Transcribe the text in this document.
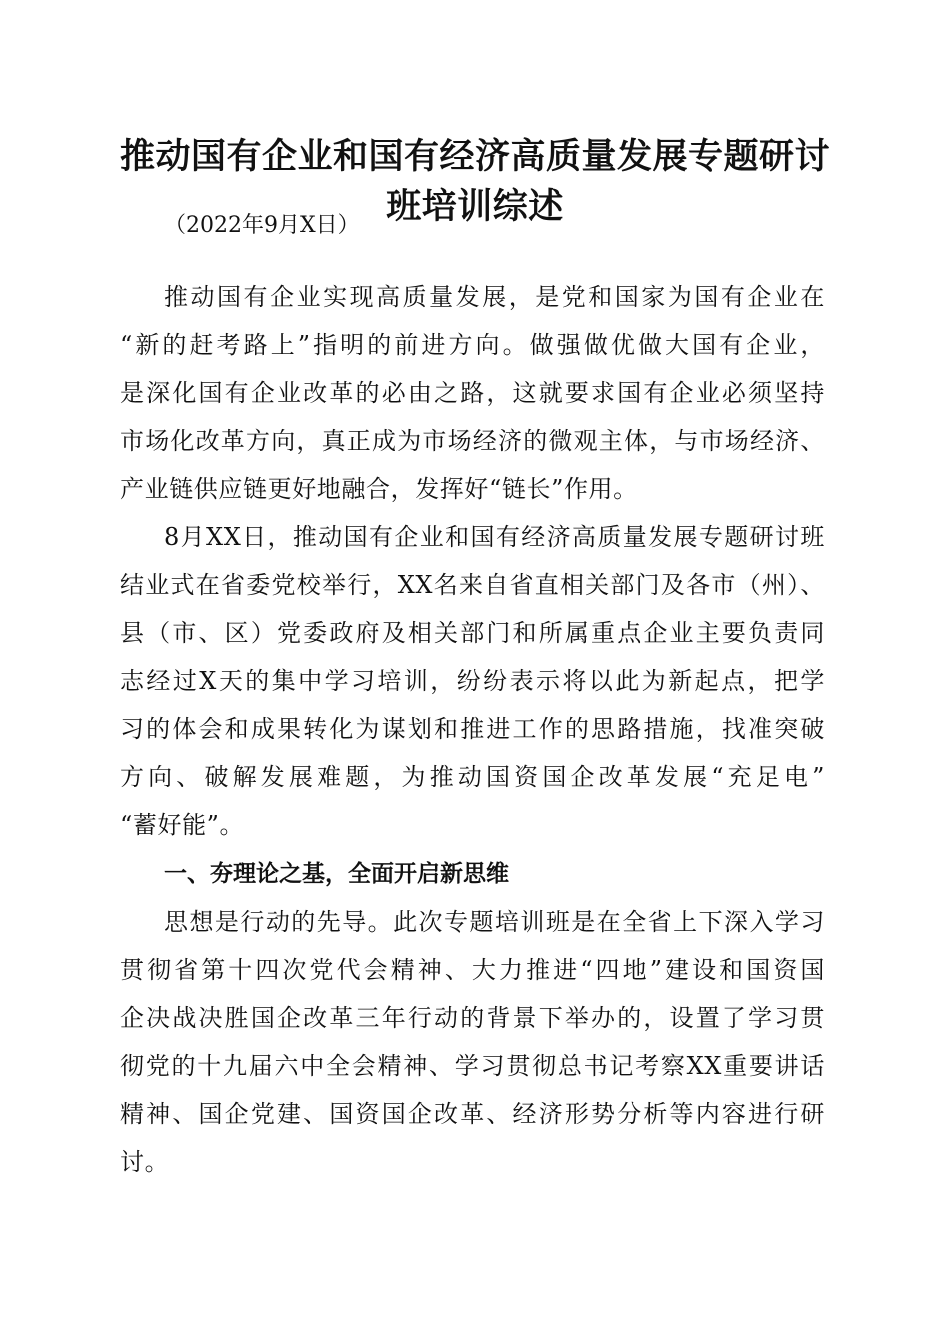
推动国有企业和国有经济高质量发展专题研讨
班培训综述

（2022年9月X日）

推动国有企业实现高质量发展，是党和国家为国有企业在

“新的赶考路上”指明的前进方向。做强做优做大国有企业，

是深化国有企业改革的必由之路，这就要求国有企业必须坚持

市场化改革方向，真正成为市场经济的微观主体，与市场经济、

产业链供应链更好地融合，发挥好“链长”作用。

8月XX日，推动国有企业和国有经济高质量发展专题研讨班

结业式在省委党校举行，XX名来自省直相关部门及各市（州）、

县（市、区）党委政府及相关部门和所属重点企业主要负责同

志经过X天的集中学习培训，纷纷表示将以此为新起点，把学

习的体会和成果转化为谋划和推进工作的思路措施，找准突破

方向、破解发展难题，为推动国资国企改革发展“充足电”

“蓄好能”。

一、夯理论之基，全面开启新思维

思想是行动的先导。此次专题培训班是在全省上下深入学习

贯彻省第十四次党代会精神、大力推进“四地”建设和国资国

企决战决胜国企改革三年行动的背景下举办的，设置了学习贯

彻党的十九届六中全会精神、学习贯彻总书记考察XX重要讲话

精神、国企党建、国资国企改革、经济形势分析等内容进行研

讨。
